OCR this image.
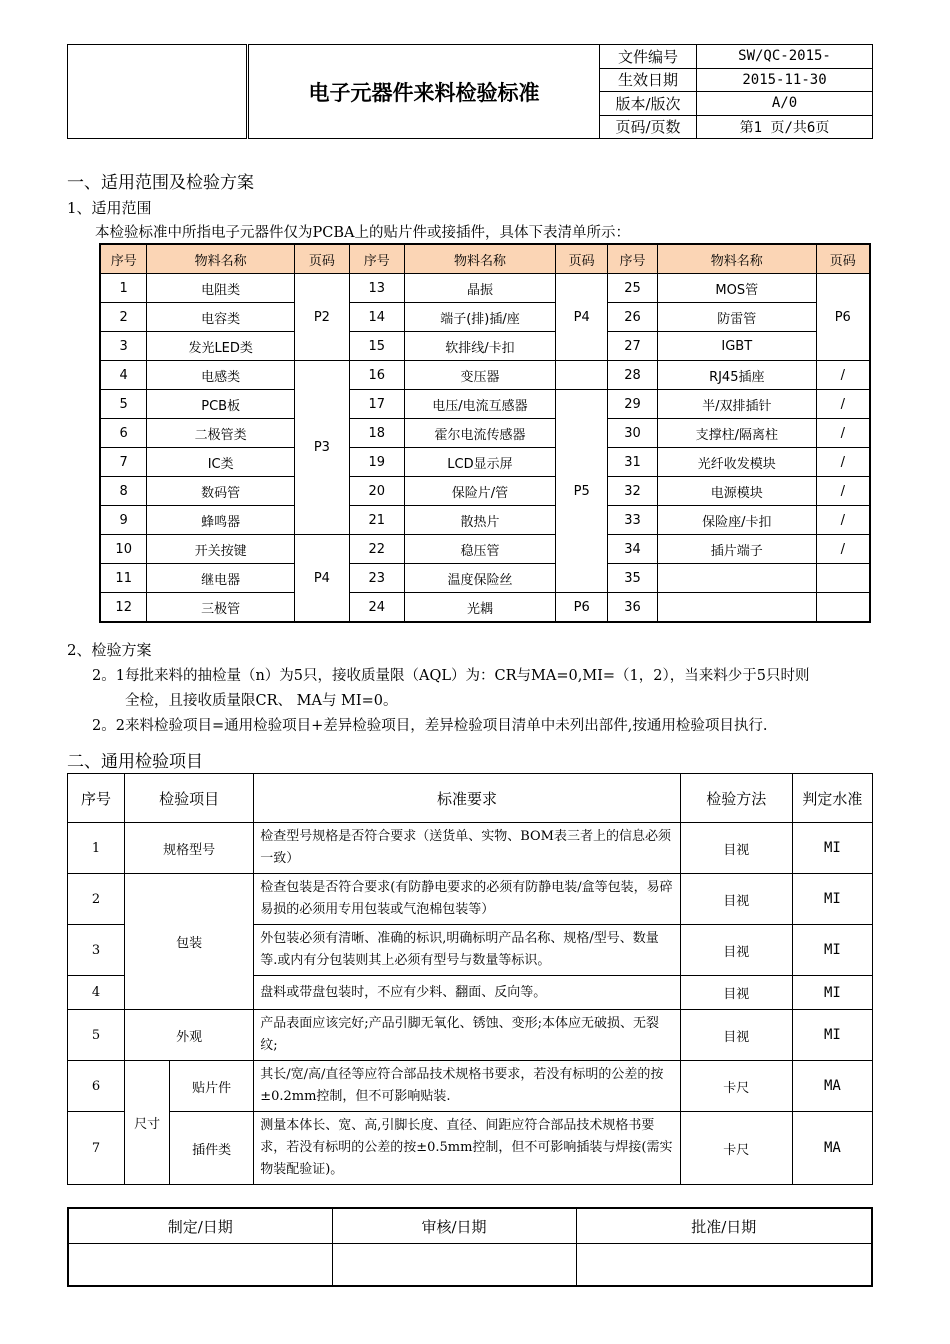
	电子元器件来料检验标准	文件编号	SW/QC-2015-
		生效日期	2015-11-30
		版本/版次	A/0
		页码/页数	第1 页/共6页
一、适用范围及检验方案
1、适用范围
本检验标准中所指电子元器件仅为PCBA上的贴片件或接插件，具体下表清单所示：
序号	物料名称	页码	序号	物料名称	页码	序号	物料名称	页码
1	电阻类	P2	13	晶振	P4	25	MOS管	P6
2	电容类		14	端子(排)插/座		26	防雷管	
3	发光LED类		15	软排线/卡扣		27	IGBT	
4	电感类	P3	16	变压器		28	RJ45插座	/
5	PCB板		17	电压/电流互感器	P5	29	半/双排插针	/
6	二极管类		18	霍尔电流传感器		30	支撑柱/隔离柱	/
7	IC类		19	LCD显示屏		31	光纤收发模块	/
8	数码管		20	保险片/管		32	电源模块	/
9	蜂鸣器		21	散热片		33	保险座/卡扣	/
10	开关按键	P4	22	稳压管		34	插片端子	/
11	继电器		23	温度保险丝		35		
12	三极管		24	光耦	P6	36		
2、检验方案
2。1每批来料的抽检量（n）为5只，接收质量限（AQL）为：CR与MA=0,MI=（1，2），当来料少于5只时则
全检，且接收质量限CR、 MA与 MI=0。
2。2来料检验项目=通用检验项目+差异检验项目，差异检验项目清单中未列出部件,按通用检验项目执行.
二、通用检验项目
序号	检验项目		标准要求	检验方法	判定水准
1	规格型号		检查型号规格是否符合要求（送货单、实物、BOM表三者上的信息必须一致）	目视	MI
2	包装		检查包装是否符合要求(有防静电要求的必须有防静电装/盒等包装，易碎易损的必须用专用包装或气泡棉包装等）	目视	MI
3			外包装必须有清晰、准确的标识,明确标明产品名称、规格/型号、数量等.或内有分包装则其上必须有型号与数量等标识。	目视	MI
4			盘料或带盘包装时，不应有少料、翻面、反向等。	目视	MI
5	外观		产品表面应该完好;产品引脚无氧化、锈蚀、变形;本体应无破损、无裂纹;	目视	MI
6	尺寸	贴片件	其长/宽/高/直径等应符合部品技术规格书要求，若没有标明的公差的按±0.2mm控制，但不可影响贴装.	卡尺	MA
7		插件类	测量本体长、宽、高,引脚长度、直径、间距应符合部品技术规格书要求，若没有标明的公差的按±0.5mm控制，但不可影响插装与焊接(需实物装配验证)。	卡尺	MA
制定/日期	审核/日期	批准/日期
